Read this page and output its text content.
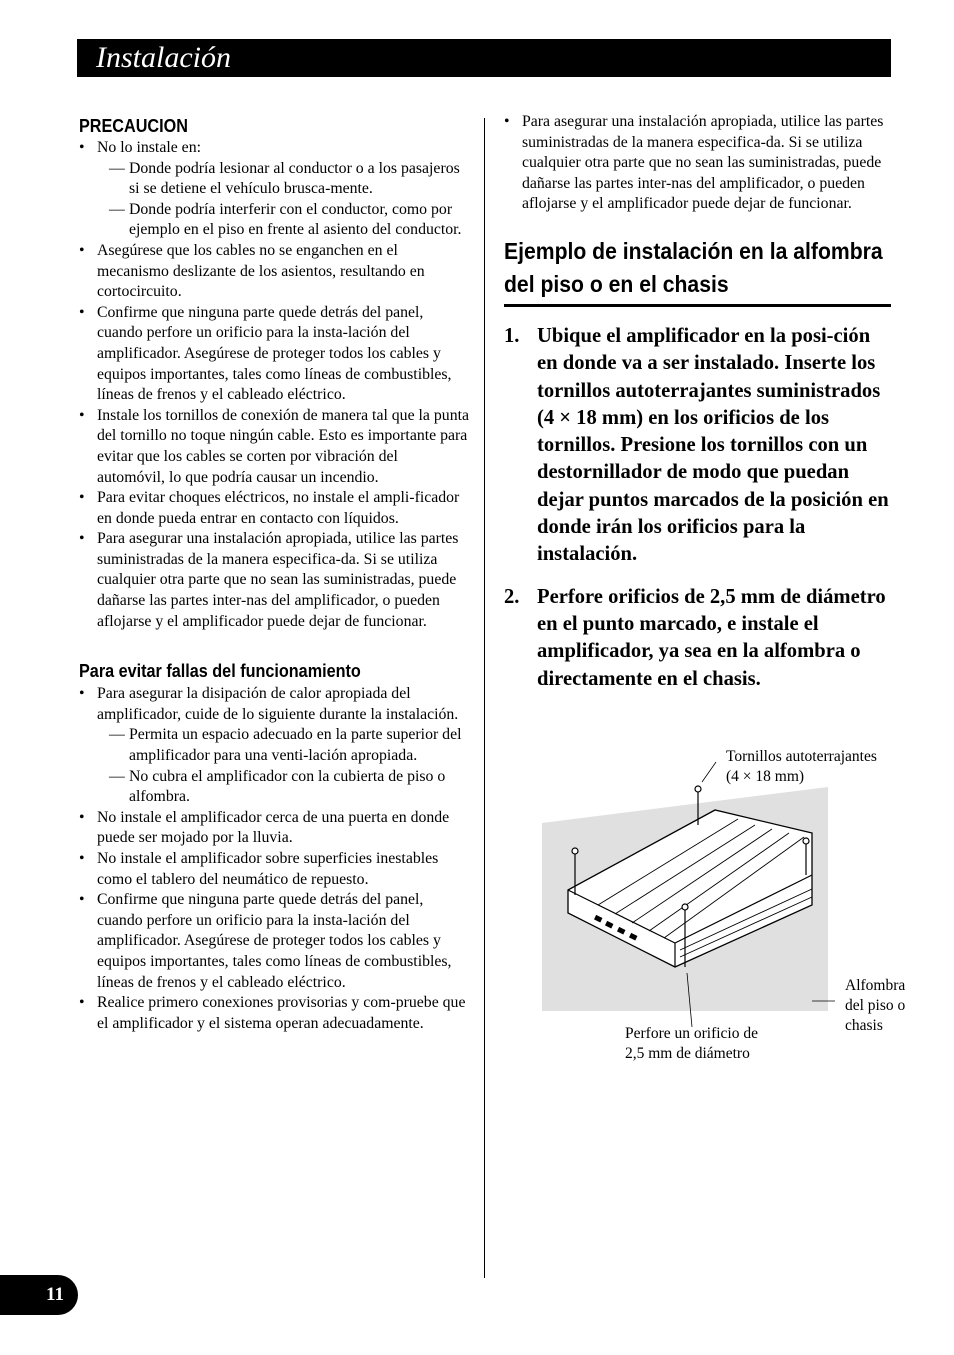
Instalación
PRECAUCION
• No lo instale en:
— Donde podría lesionar al conductor o a los pasajeros si se detiene el vehículo brusca-mente.
— Donde podría interferir con el conductor, como por ejemplo en el piso en frente al asiento del conductor.
• Asegúrese que los cables no se enganchen en el mecanismo deslizante de los asientos, resultando en cortocircuito.
• Confirme que ninguna parte quede detrás del panel, cuando perfore un orificio para la insta-lación del amplificador. Asegúrese de proteger todos los cables y equipos importantes, tales como líneas de combustibles, líneas de frenos y el cableado eléctrico.
• Instale los tornillos de conexión de manera tal que la punta del tornillo no toque ningún cable. Esto es importante para evitar que los cables se corten por vibración del automóvil, lo que podría causar un incendio.
• Para evitar choques eléctricos, no instale el ampli-ficador en donde pueda entrar en contacto con líquidos.
• Para asegurar una instalación apropiada, utilice las partes suministradas de la manera especifica-da. Si se utiliza cualquier otra parte que no sean las suministradas, puede dañarse las partes inter-nas del amplificador, o pueden aflojarse y el amplificador puede dejar de funcionar.
Para evitar fallas del funcionamiento
• Para asegurar la disipación de calor apropiada del amplificador, cuide de lo siguiente durante la instalación.
— Permita un espacio adecuado en la parte superior del amplificador para una venti-lación apropiada.
— No cubra el amplificador con la cubierta de piso o alfombra.
• No instale el amplificador cerca de una puerta en donde puede ser mojado por la lluvia.
• No instale el amplificador sobre superficies inestables como el tablero del neumático de repuesto.
• Confirme que ninguna parte quede detrás del panel, cuando perfore un orificio para la insta-lación del amplificador. Asegúrese de proteger todos los cables y equipos importantes, tales como líneas de combustibles, líneas de frenos y el cableado eléctrico.
• Realice primero conexiones provisorias y com-pruebe que el amplificador y el sistema operan adecuadamente.
• Para asegurar una instalación apropiada, utilice las partes suministradas de la manera especifica-da. Si se utiliza cualquier otra parte que no sean las suministradas, puede dañarse las partes inter-nas del amplificador, o pueden aflojarse y el amplificador puede dejar de funcionar.
Ejemplo de instalación en la alfombra del piso o en el chasis
1. Ubique el amplificador en la posi-ción en donde va a ser instalado. Inserte los tornillos autoterrajantes suministrados (4 × 18 mm) en los orificios de los tornillos. Presione los tornillos con un destornillador de modo que puedan dejar puntos marcados de la posición en donde irán los orificios para la instalación.
2. Perfore orificios de 2,5 mm de diámetro en el punto marcado, e instale el amplificador, ya sea en la alfombra o directamente en el chasis.
Tornillos autoterrajantes
(4 × 18 mm)
Alfombra
del piso o
chasis
Perfore un orificio de
2,5 mm de diámetro
11
